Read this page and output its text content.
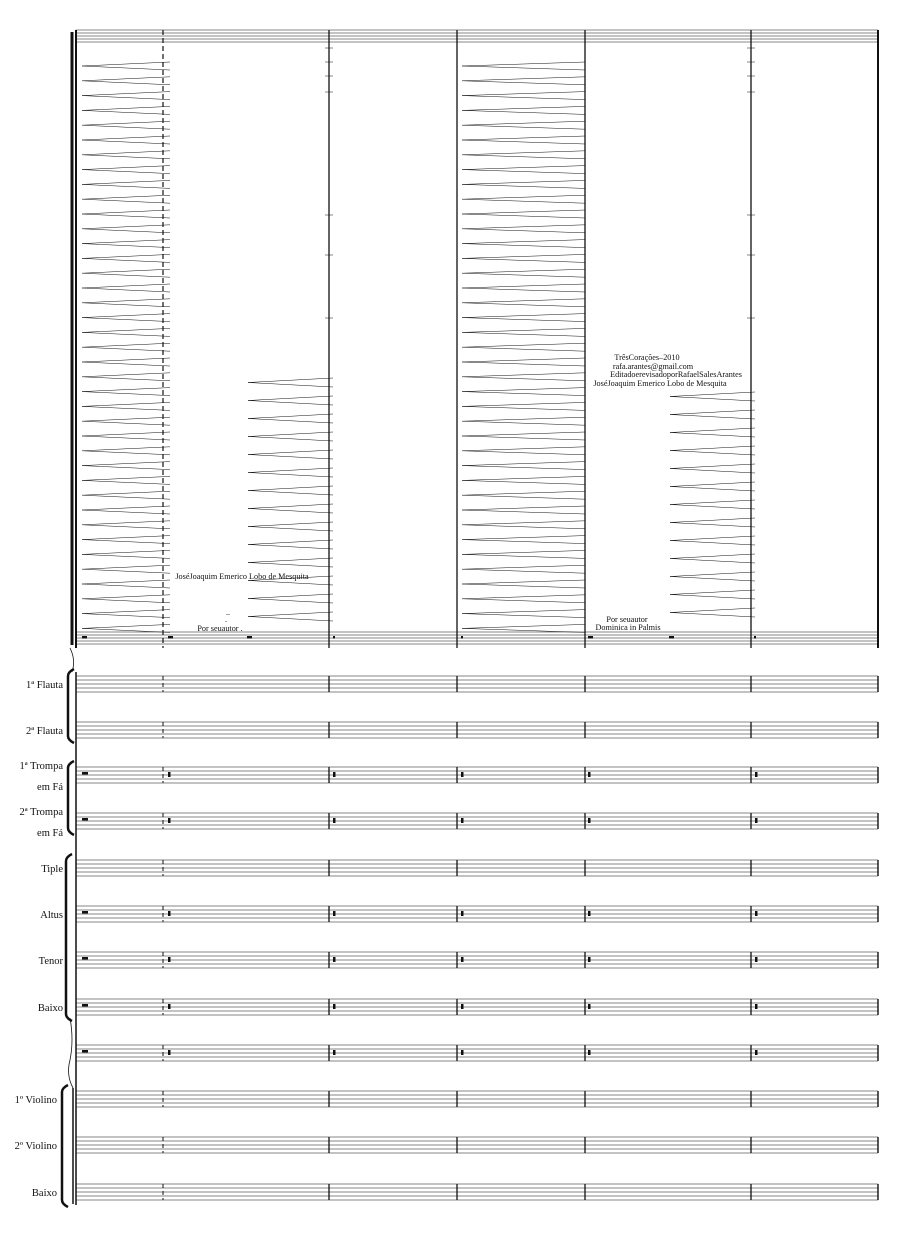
1ª Flauta
2ª Flauta
1ª Trompa
em Fá
2ª Trompa
em Fá
Tiple
Altus
Tenor
Baixo
1º Violino
2º Violino
Baixo
JoséJoaquim Emerico Lobo de Mesquita
..
.
Por seuautor .
TrêsCorações–2010
rafa.arantes@gmail.com
EditadoerevisadoporRafaelSalesArantes
JoséJoaquim Emerico Lobo de Mesquita
Por seuautor
Dominica in Palmis
